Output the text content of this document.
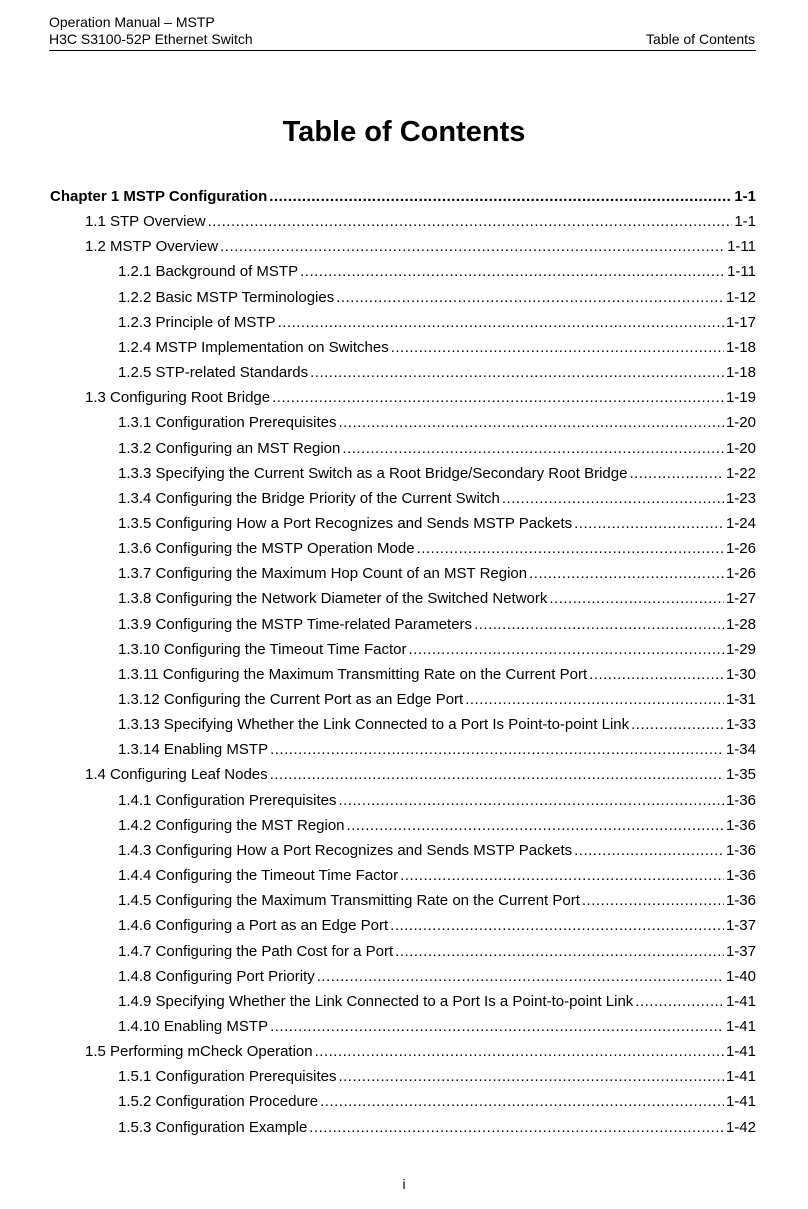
Operation Manual – MSTP
H3C S3100-52P Ethernet Switch	Table of Contents
Table of Contents
Chapter 1 MSTP Configuration .....	1-1
1.1 STP Overview .....	1-1
1.2 MSTP Overview .....	1-11
1.2.1 Background of MSTP .....	1-11
1.2.2 Basic MSTP Terminologies .....	1-12
1.2.3 Principle of MSTP .....	1-17
1.2.4 MSTP Implementation on Switches .....	1-18
1.2.5 STP-related Standards .....	1-18
1.3 Configuring Root Bridge .....	1-19
1.3.1 Configuration Prerequisites .....	1-20
1.3.2 Configuring an MST Region .....	1-20
1.3.3 Specifying the Current Switch as a Root Bridge/Secondary Root Bridge .....	1-22
1.3.4 Configuring the Bridge Priority of the Current Switch .....	1-23
1.3.5 Configuring How a Port Recognizes and Sends MSTP Packets .....	1-24
1.3.6 Configuring the MSTP Operation Mode .....	1-26
1.3.7 Configuring the Maximum Hop Count of an MST Region .....	1-26
1.3.8 Configuring the Network Diameter of the Switched Network .....	1-27
1.3.9 Configuring the MSTP Time-related Parameters .....	1-28
1.3.10 Configuring the Timeout Time Factor .....	1-29
1.3.11 Configuring the Maximum Transmitting Rate on the Current Port .....	1-30
1.3.12 Configuring the Current Port as an Edge Port .....	1-31
1.3.13 Specifying Whether the Link Connected to a Port Is Point-to-point Link .....	1-33
1.3.14 Enabling MSTP .....	1-34
1.4 Configuring Leaf Nodes .....	1-35
1.4.1 Configuration Prerequisites .....	1-36
1.4.2 Configuring the MST Region .....	1-36
1.4.3 Configuring How a Port Recognizes and Sends MSTP Packets .....	1-36
1.4.4 Configuring the Timeout Time Factor .....	1-36
1.4.5 Configuring the Maximum Transmitting Rate on the Current Port .....	1-36
1.4.6 Configuring a Port as an Edge Port .....	1-37
1.4.7 Configuring the Path Cost for a Port .....	1-37
1.4.8 Configuring Port Priority .....	1-40
1.4.9 Specifying Whether the Link Connected to a Port Is a Point-to-point Link .....	1-41
1.4.10 Enabling MSTP .....	1-41
1.5 Performing mCheck Operation .....	1-41
1.5.1 Configuration Prerequisites .....	1-41
1.5.2 Configuration Procedure .....	1-41
1.5.3 Configuration Example .....	1-42
i
